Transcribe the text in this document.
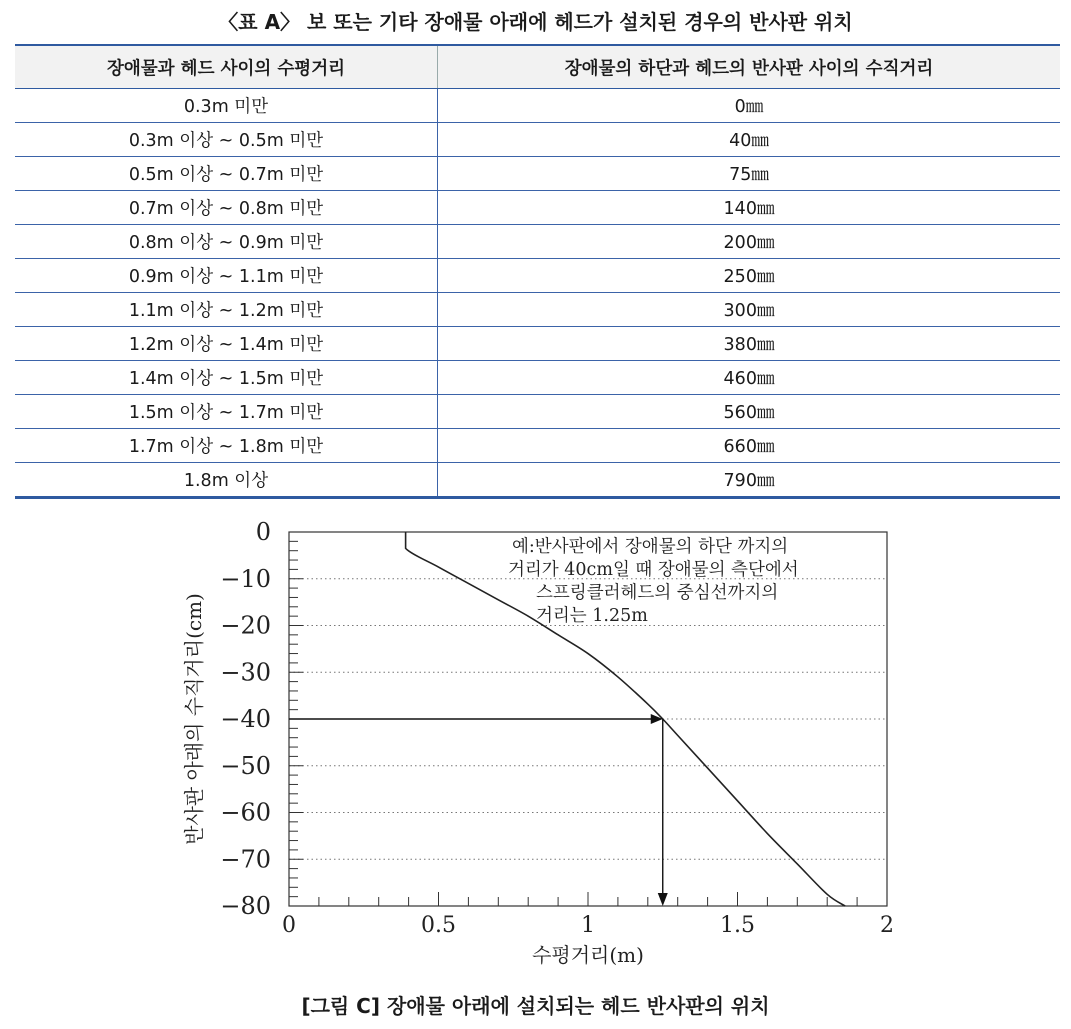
〈표 A〉 보 또는 기타 장애물 아래에 헤드가 설치된 경우의 반사판 위치
장애물과 헤드 사이의 수평거리	장애물의 하단과 헤드의 반사판 사이의 수직거리
0.3m 미만	0㎜
0.3m 이상 ~ 0.5m 미만	40㎜
0.5m 이상 ~ 0.7m 미만	75㎜
0.7m 이상 ~ 0.8m 미만	140㎜
0.8m 이상 ~ 0.9m 미만	200㎜
0.9m 이상 ~ 1.1m 미만	250㎜
1.1m 이상 ~ 1.2m 미만	300㎜
1.2m 이상 ~ 1.4m 미만	380㎜
1.4m 이상 ~ 1.5m 미만	460㎜
1.5m 이상 ~ 1.7m 미만	560㎜
1.7m 이상 ~ 1.8m 미만	660㎜
1.8m 이상	790㎜
0
−10
−20
−30
−40
−50
−60
−70
−80
0	0.5	1	1.5	2
예:반사판에서 장애물의 하단 까지의
거리가 40cm일 때 장애물의 측단에서
스프링클러헤드의 중심선까지의
거리는 1.25m
수평거리(m)
반사판 아래의 수직거리(cm)
[그림 C] 장애물 아래에 설치되는 헤드 반사판의 위치
